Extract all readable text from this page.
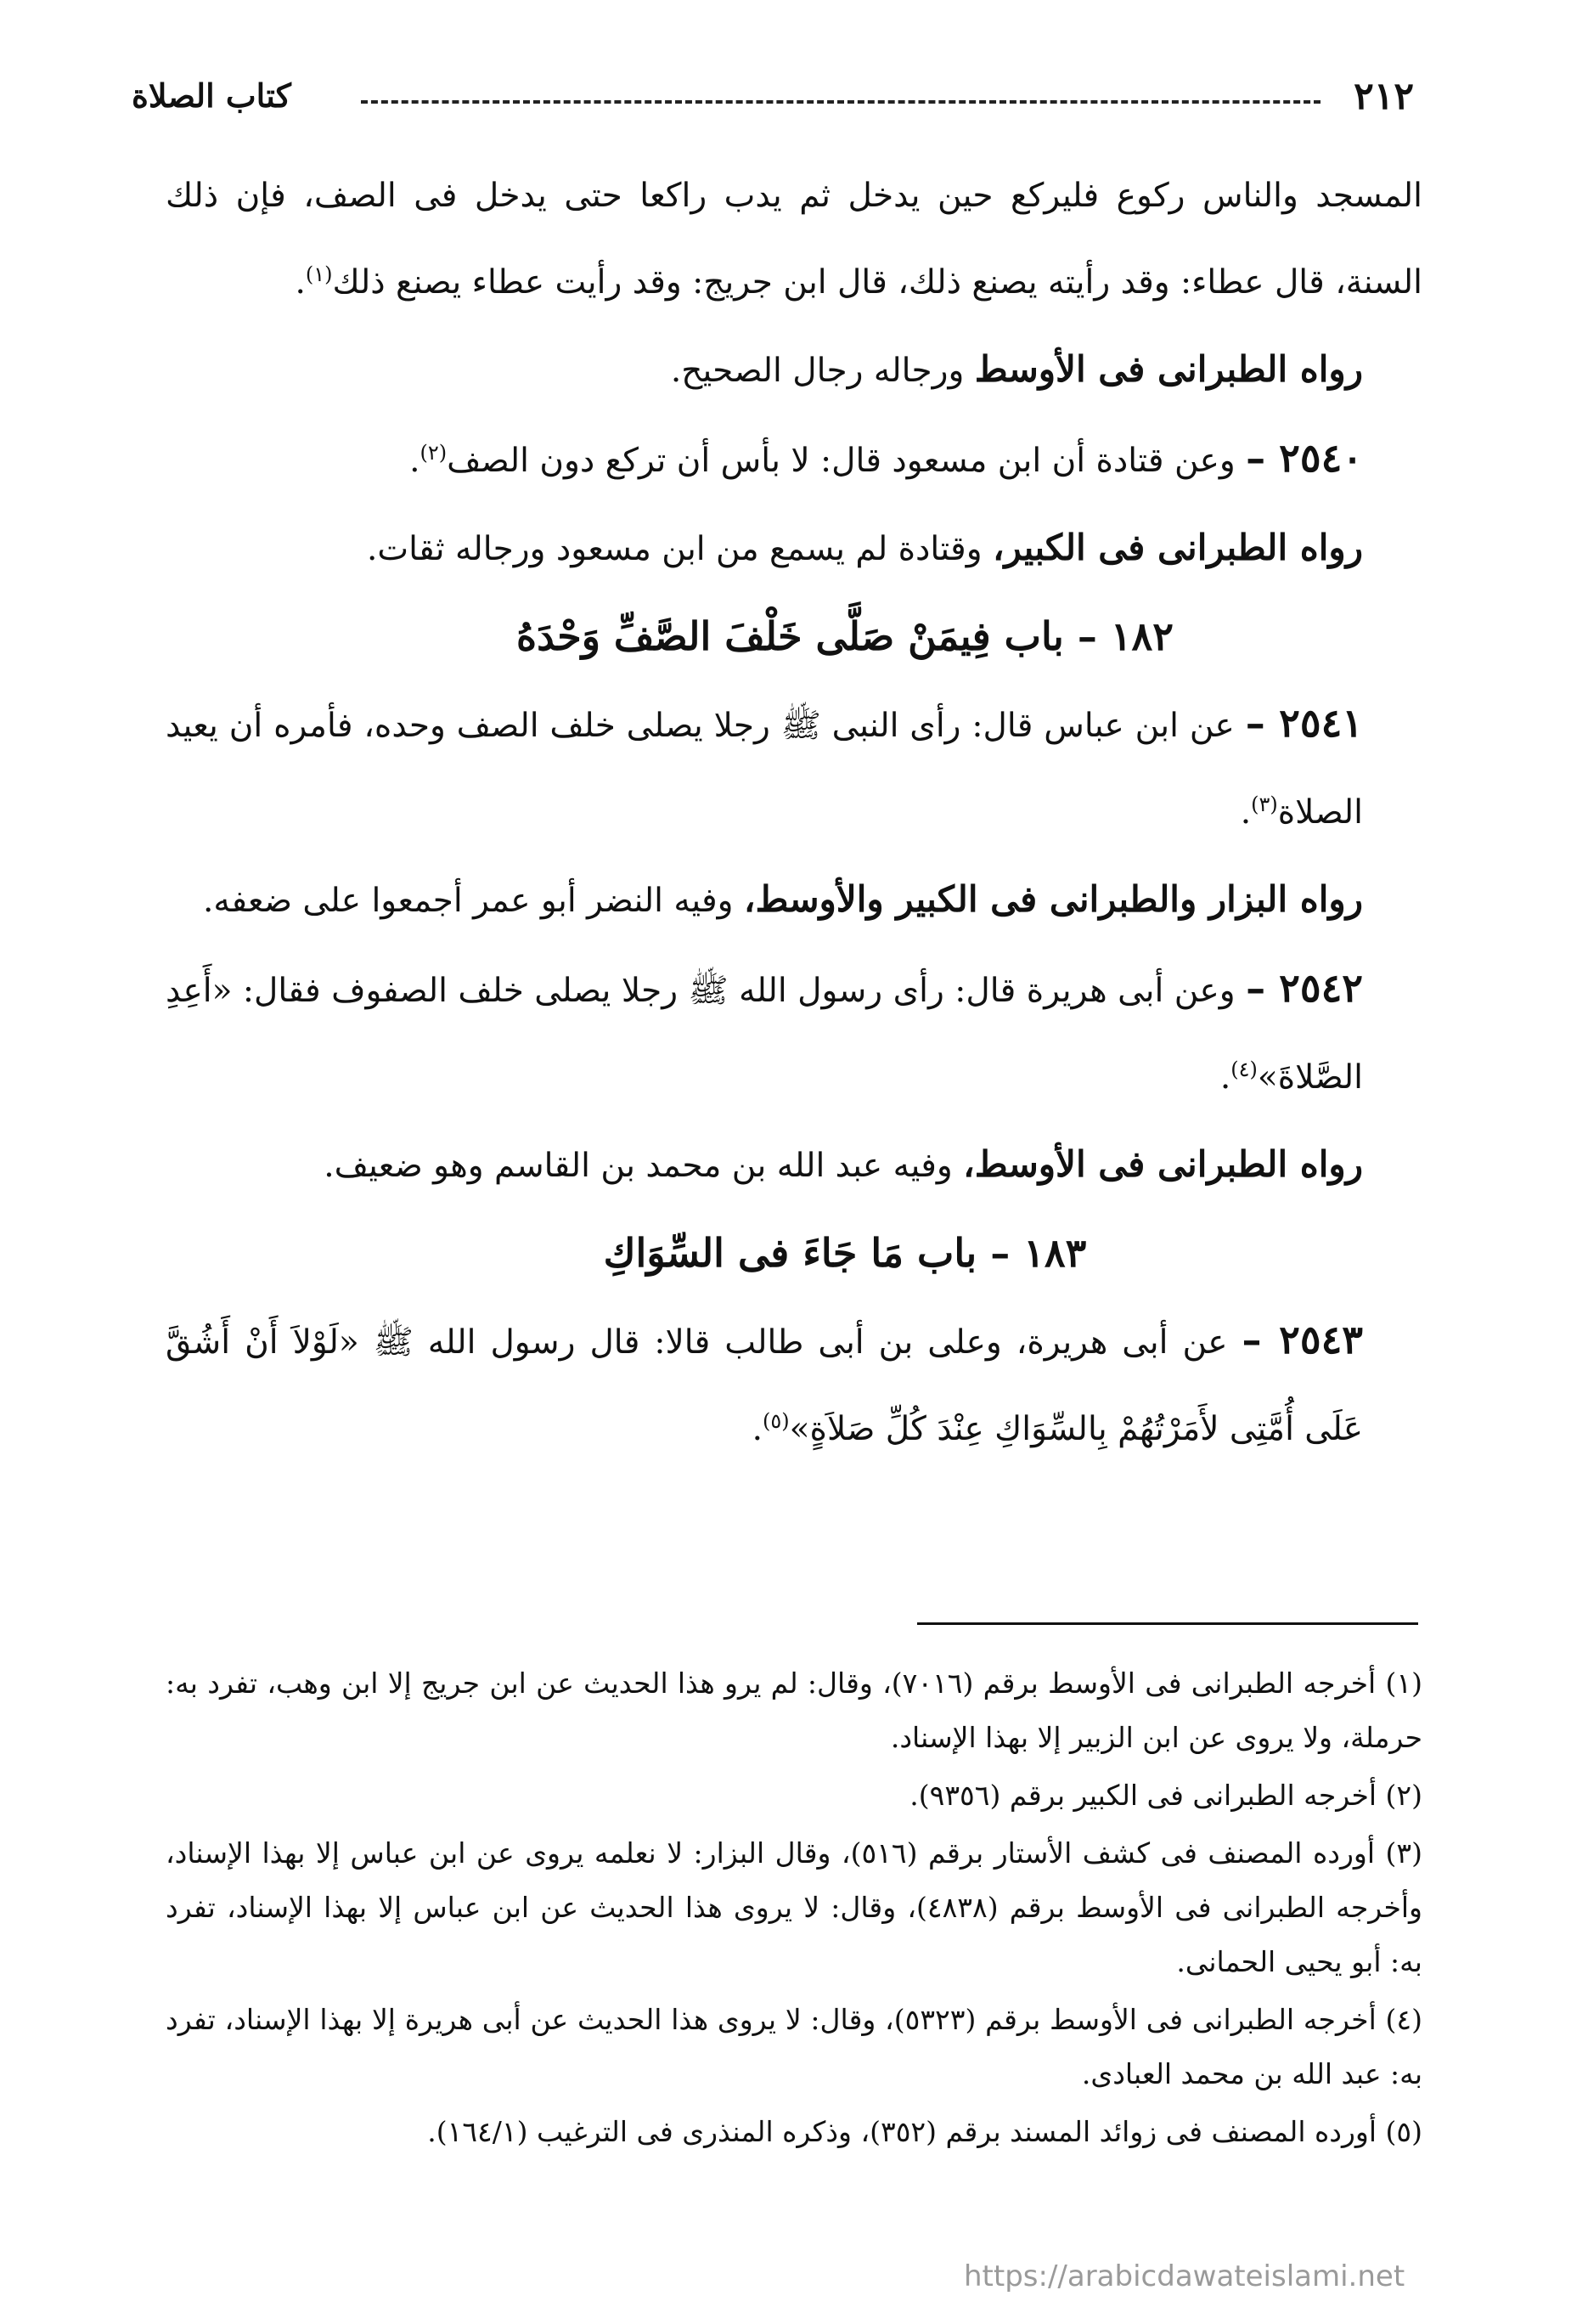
٢١٢
كتاب الصلاة

المسجد والناس ركوع فليركع حين يدخل ثم يدب راكعا حتى يدخل فى الصف، فإن ذلك السنة، قال عطاء: وقد رأيته يصنع ذلك، قال ابن جريج: وقد رأيت عطاء يصنع ذلك$^{(١)}$.

رواه الطبرانى فى الأوسط ورجاله رجال الصحيح.

٢٥٤٠ – وعن قتادة أن ابن مسعود قال: لا بأس أن تركع دون الصف$^{(٢)}$.

رواه الطبرانى فى الكبير، وقتادة لم يسمع من ابن مسعود ورجاله ثقات.

١٨٢ – باب فِيمَنْ صَلَّى خَلْفَ الصَّفِّ وَحْدَهُ

٢٥٤١ – عن ابن عباس قال: رأى النبى ﷺ رجلا يصلى خلف الصف وحده، فأمره أن يعيد الصلاة$^{(٣)}$.

رواه البزار والطبرانى فى الكبير والأوسط، وفيه النضر أبو عمر أجمعوا على ضعفه.

٢٥٤٢ – وعن أبى هريرة قال: رأى رسول الله ﷺ رجلا يصلى خلف الصفوف فقال: «أَعِدِ الصَّلاةَ»$^{(٤)}$.

رواه الطبرانى فى الأوسط، وفيه عبد الله بن محمد بن القاسم وهو ضعيف.

١٨٣ – باب مَا جَاءَ فى السِّوَاكِ

٢٥٤٣ – عن أبى هريرة، وعلى بن أبى طالب قالا: قال رسول الله ﷺ «لَوْلاَ أَنْ أَشُقَّ عَلَى أُمَّتِى لأَمَرْتُهُمْ بِالسِّوَاكِ عِنْدَ كُلِّ صَلاَةٍ»$^{(٥)}$.

(١) أخرجه الطبرانى فى الأوسط برقم (٧٠١٦)، وقال: لم يرو هذا الحديث عن ابن جريج إلا ابن وهب، تفرد به: حرملة، ولا يروى عن ابن الزبير إلا بهذا الإسناد.

(٢) أخرجه الطبرانى فى الكبير برقم (٩٣٥٦).

(٣) أورده المصنف فى كشف الأستار برقم (٥١٦)، وقال البزار: لا نعلمه يروى عن ابن عباس إلا بهذا الإسناد، وأخرجه الطبرانى فى الأوسط برقم (٤٨٣٨)، وقال: لا يروى هذا الحديث عن ابن عباس إلا بهذا الإسناد، تفرد به: أبو يحيى الحمانى.

(٤) أخرجه الطبرانى فى الأوسط برقم (٥٣٢٣)، وقال: لا يروى هذا الحديث عن أبى هريرة إلا بهذا الإسناد، تفرد به: عبد الله بن محمد العبادى.

(٥) أورده المصنف فى زوائد المسند برقم (٣٥٢)، وذكره المنذرى فى الترغيب (١٦٤/١).

https://arabicdawateislami.net
